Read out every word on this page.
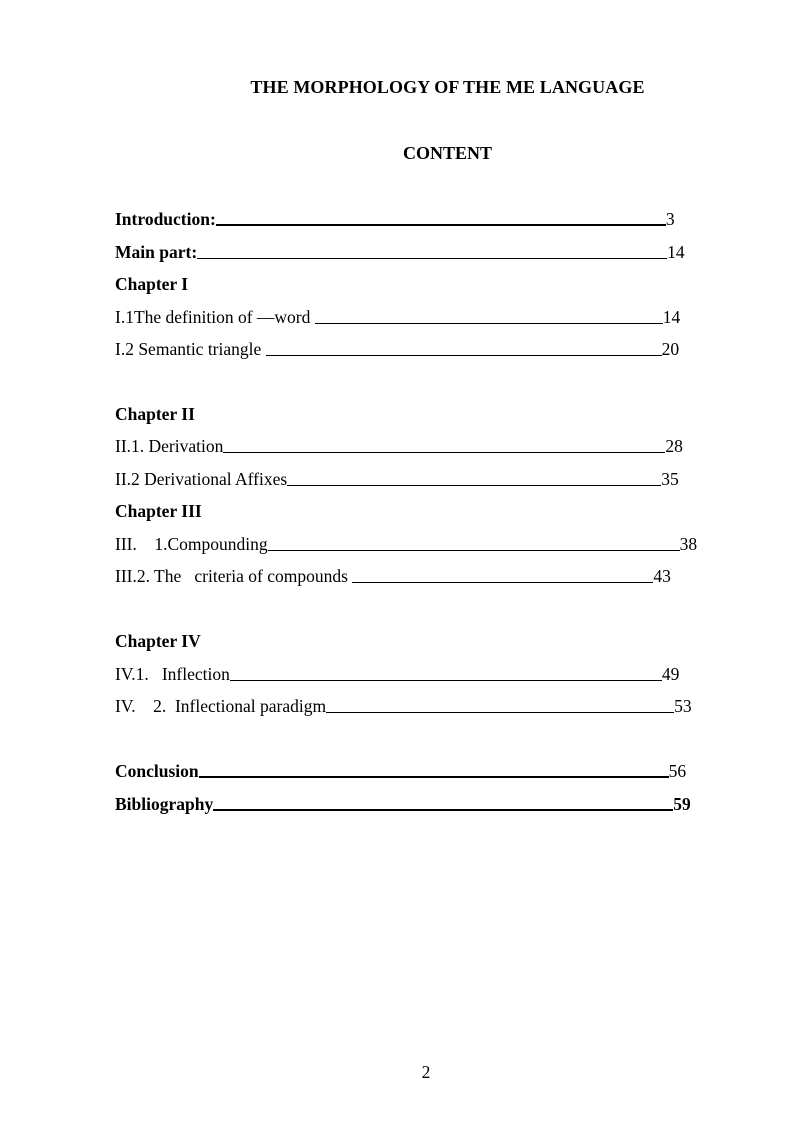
THE MORPHOLOGY OF THE ME LANGUAGE
CONTENT
Introduction:	3
Main part:	14
Chapter I
I.1The definition of —word	14
I.2 Semantic triangle	20
Chapter II
II.1. Derivation	28
II.2 Derivational Affixes	35
Chapter III
III.    1.Compounding	38
III.2. The   criteria of compounds	43
Chapter IV
IV.1.   Inflection	49
IV.    2.  Inflectional paradigm	53
Conclusion	56
Bibliography	59
2
